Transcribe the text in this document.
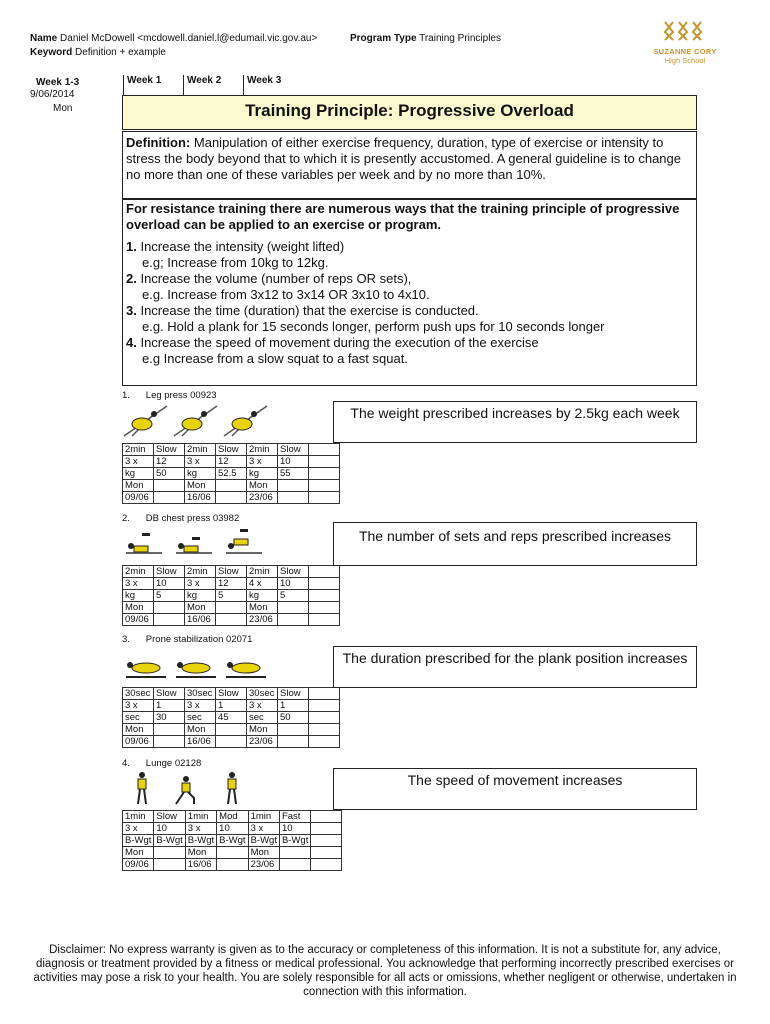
Name Daniel McDowell <mcdowell.daniel.l@edumail.vic.gov.au>
Keyword Definition + example
Program Type Training Principles
SUZANNE CORY
High School
Week 1-3
9/06/2014
Mon
Week 1	Week 2	Week 3
Training Principle: Progressive Overload
Definition: Manipulation of either exercise frequency, duration, type of exercise or intensity to stress the body beyond that to which it is presently accustomed. A general guideline is to change no more than one of these variables per week and by no more than 10%.
For resistance training there are numerous ways that the training principle of progressive overload can be applied to an exercise or program.
1. Increase the intensity (weight lifted)
e.g; Increase from 10kg to 12kg.
2. Increase the volume (number of reps OR sets),
e.g. Increase from 3x12 to 3x14 OR 3x10 to 4x10.
3. Increase the time (duration) that the exercise is conducted.
e.g. Hold a plank for 15 seconds longer, perform push ups for 10 seconds longer
4. Increase the speed of movement during the execution of the exercise
e.g Increase from a slow squat to a fast squat.
1. Leg press 00923
2min	Slow	2min	Slow	2min	Slow	
3 x	12	3 x	12	3 x	10	
kg	50	kg	52.5	kg	55	
Mon		Mon		Mon		
09/06		16/06		23/06		
The weight prescribed increases by 2.5kg each week
2. DB chest press 03982
2min	Slow	2min	Slow	2min	Slow	
3 x	10	3 x	12	4 x	10	
kg	5	kg	5	kg	5	
Mon		Mon		Mon		
09/06		16/06		23/06		
The number of sets and reps prescribed increases
3. Prone stabilization 02071
30sec	Slow	30sec	Slow	30sec	Slow	
3 x	1	3 x	1	3 x	1	
sec	30	sec	45	sec	50	
Mon		Mon		Mon		
09/06		16/06		23/06		
The duration prescribed for the plank position increases
4. Lunge 02128
1min	Slow	1min	Mod	1min	Fast	
3 x	10	3 x	10	3 x	10	
B-Wgt	B-Wgt	B-Wgt	B-Wgt	B-Wgt	B-Wgt	
Mon		Mon		Mon		
09/06		16/06		23/06		
The speed of movement increases
Disclaimer: No express warranty is given as to the accuracy or completeness of this information. It is not a substitute for, any advice, diagnosis or treatment provided by a fitness or medical professional. You acknowledge that performing incorrectly prescribed exercises or activities may pose a risk to your health. You are solely responsible for all acts or omissions, whether negligent or otherwise, undertaken in connection with this information.
